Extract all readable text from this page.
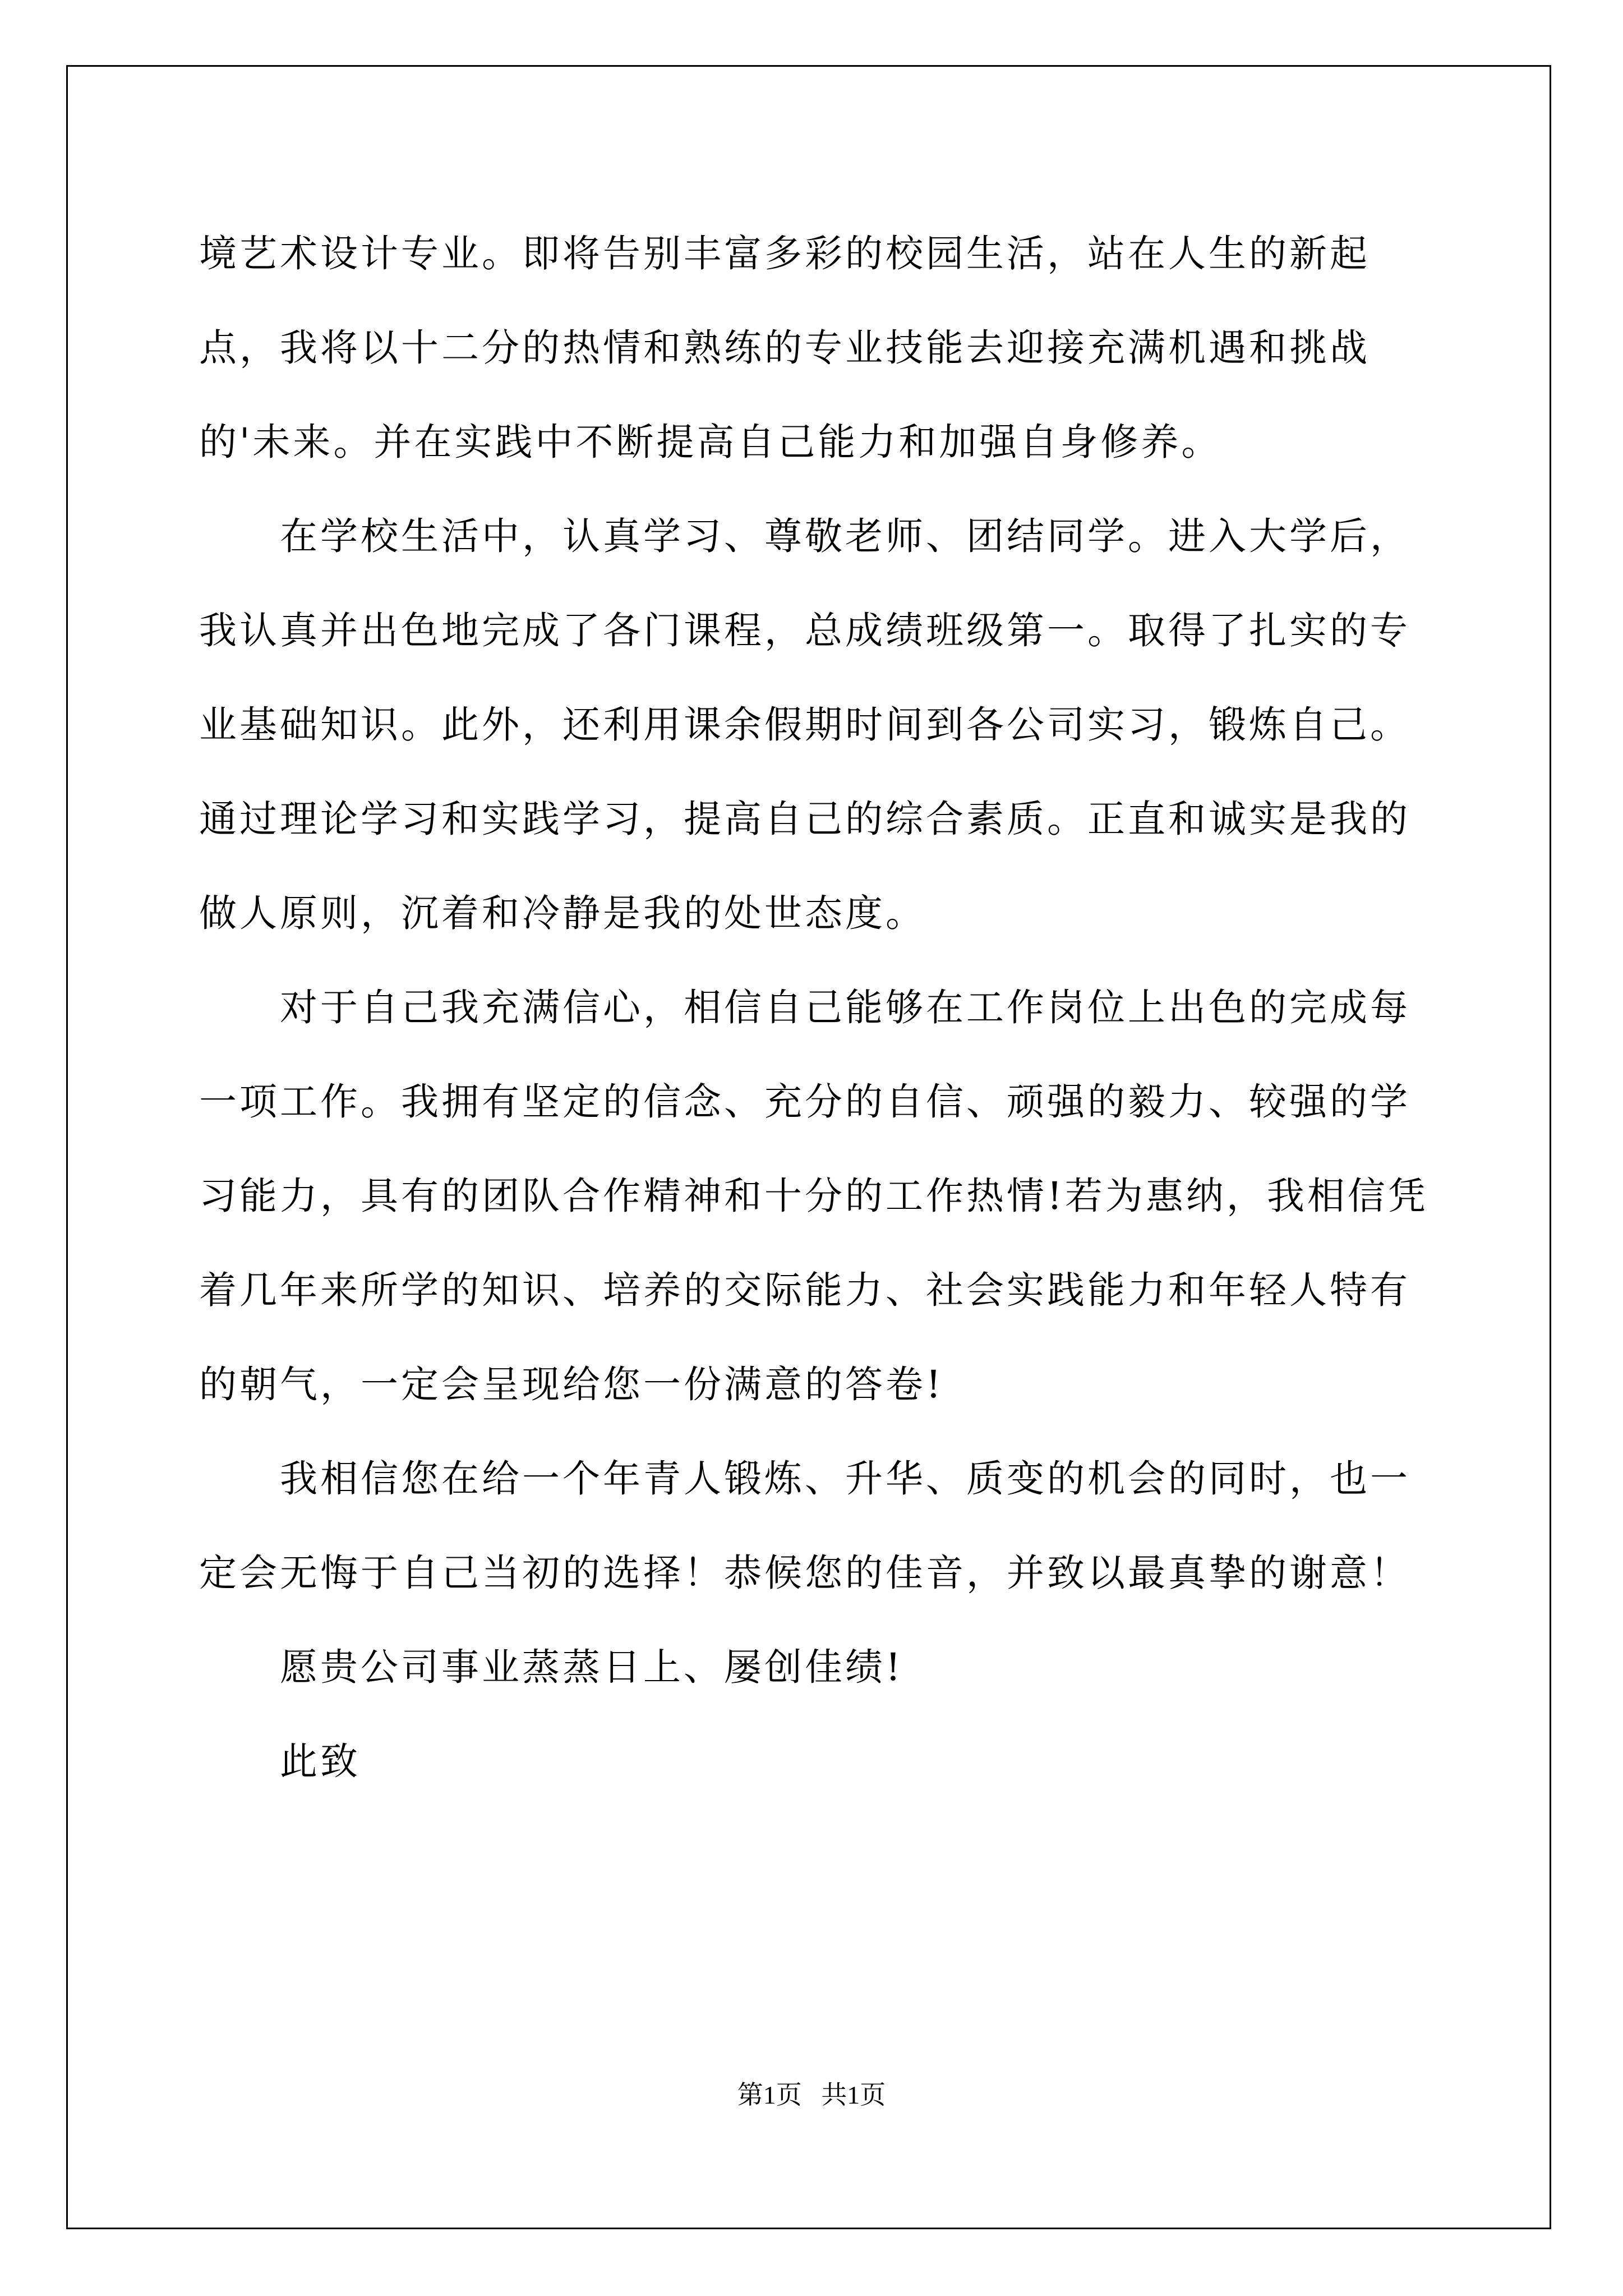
境艺术设计专业。即将告别丰富多彩的校园生活，站在人生的新起点，我将以十二分的热情和熟练的专业技能去迎接充满机遇和挑战的'未来。并在实践中不断提高自己能力和加强自身修养。

在学校生活中，认真学习、尊敬老师、团结同学。进入大学后，我认真并出色地完成了各门课程，总成绩班级第一。取得了扎实的专业基础知识。此外，还利用课余假期时间到各公司实习，锻炼自己。通过理论学习和实践学习，提高自己的综合素质。正直和诚实是我的做人原则，沉着和冷静是我的处世态度。

对于自己我充满信心，相信自己能够在工作岗位上出色的完成每一项工作。我拥有坚定的信念、充分的自信、顽强的毅力、较强的学习能力，具有的团队合作精神和十分的工作热情!若为惠纳，我相信凭着几年来所学的知识、培养的交际能力、社会实践能力和年轻人特有的朝气，一定会呈现给您一份满意的答卷!

我相信您在给一个年青人锻炼、升华、质变的机会的同时，也一定会无悔于自己当初的选择！恭候您的佳音，并致以最真挚的谢意！

愿贵公司事业蒸蒸日上、屡创佳绩!

此致

第1页   共1页
